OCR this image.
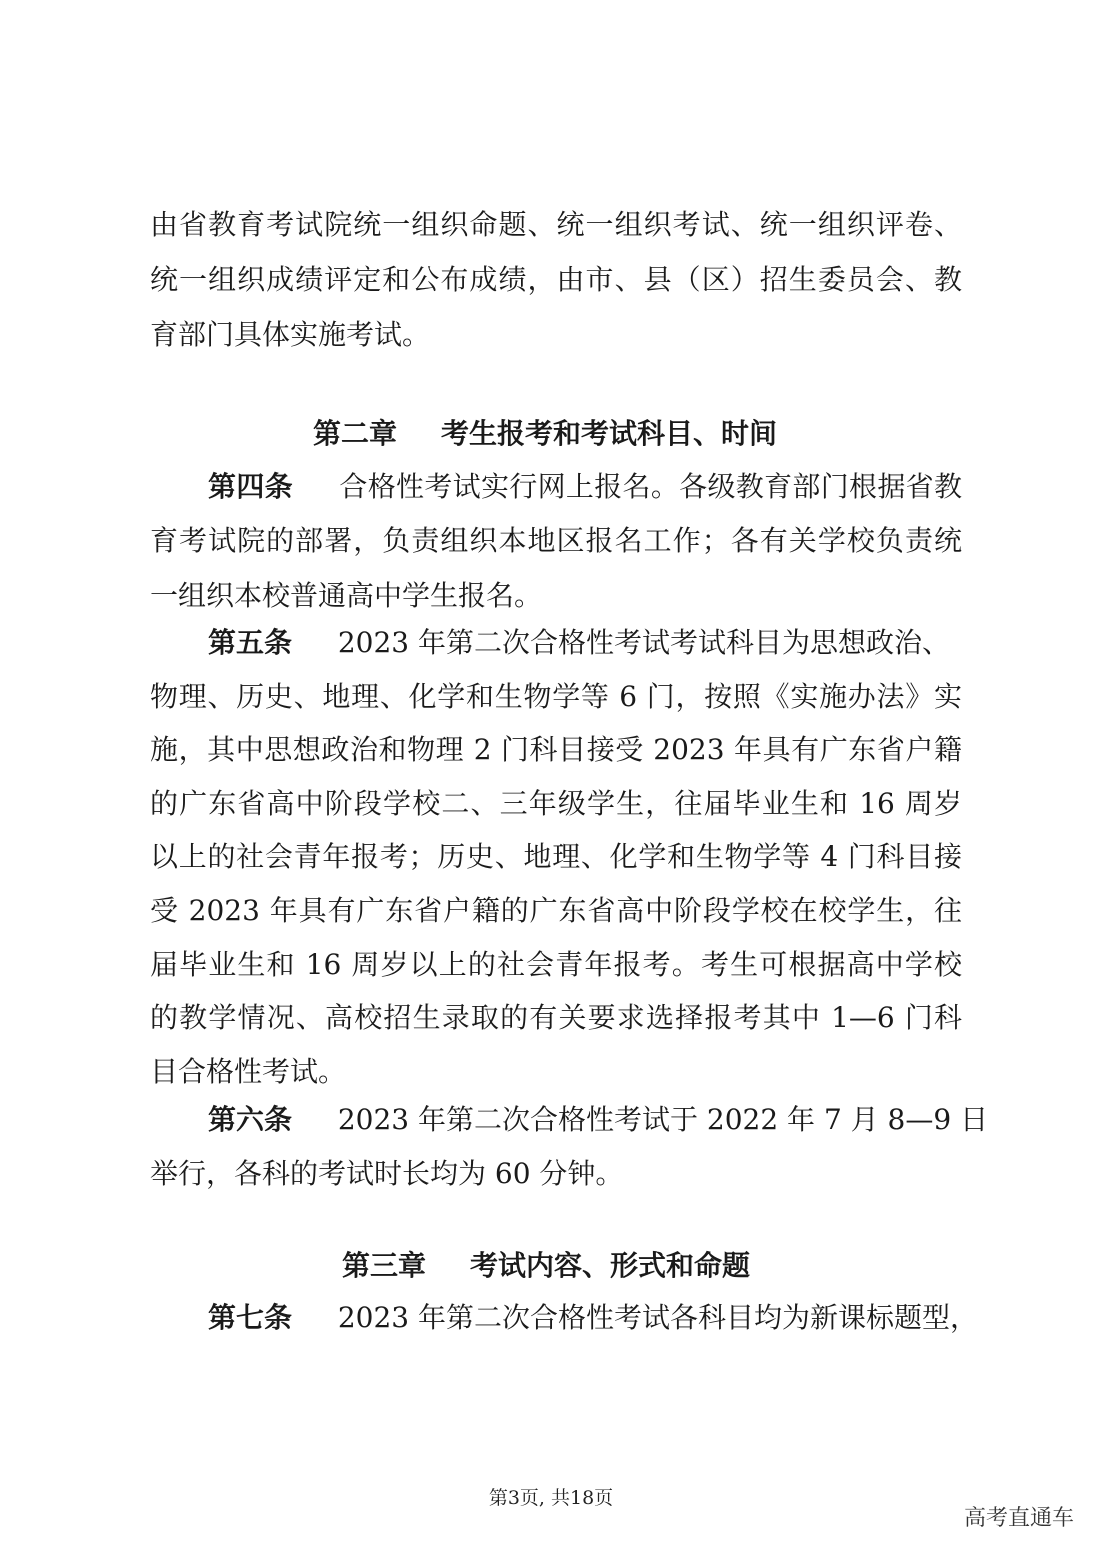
由省教育考试院统一组织命题、统一组织考试、统一组织评卷、
统一组织成绩评定和公布成绩，由市、县（区）招生委员会、教
育部门具体实施考试。
第二章 考生报考和考试科目、时间
第四条 合格性考试实行网上报名。各级教育部门根据省教
育考试院的部署，负责组织本地区报名工作；各有关学校负责统
一组织本校普通高中学生报名。
第五条 2023 年第二次合格性考试考试科目为思想政治、
物理、历史、地理、化学和生物学等 6 门，按照《实施办法》实
施，其中思想政治和物理 2 门科目接受 2023 年具有广东省户籍
的广东省高中阶段学校二、三年级学生，往届毕业生和 16 周岁
以上的社会青年报考；历史、地理、化学和生物学等 4 门科目接
受 2023 年具有广东省户籍的广东省高中阶段学校在校学生，往
届毕业生和 16 周岁以上的社会青年报考。考生可根据高中学校
的教学情况、高校招生录取的有关要求选择报考其中 1—6 门科
目合格性考试。
第六条 2023 年第二次合格性考试于 2022 年 7 月 8—9 日
举行，各科的考试时长均为 60 分钟。
第三章 考试内容、形式和命题
第七条 2023 年第二次合格性考试各科目均为新课标题型，
第3页, 共18页
高考直通车
